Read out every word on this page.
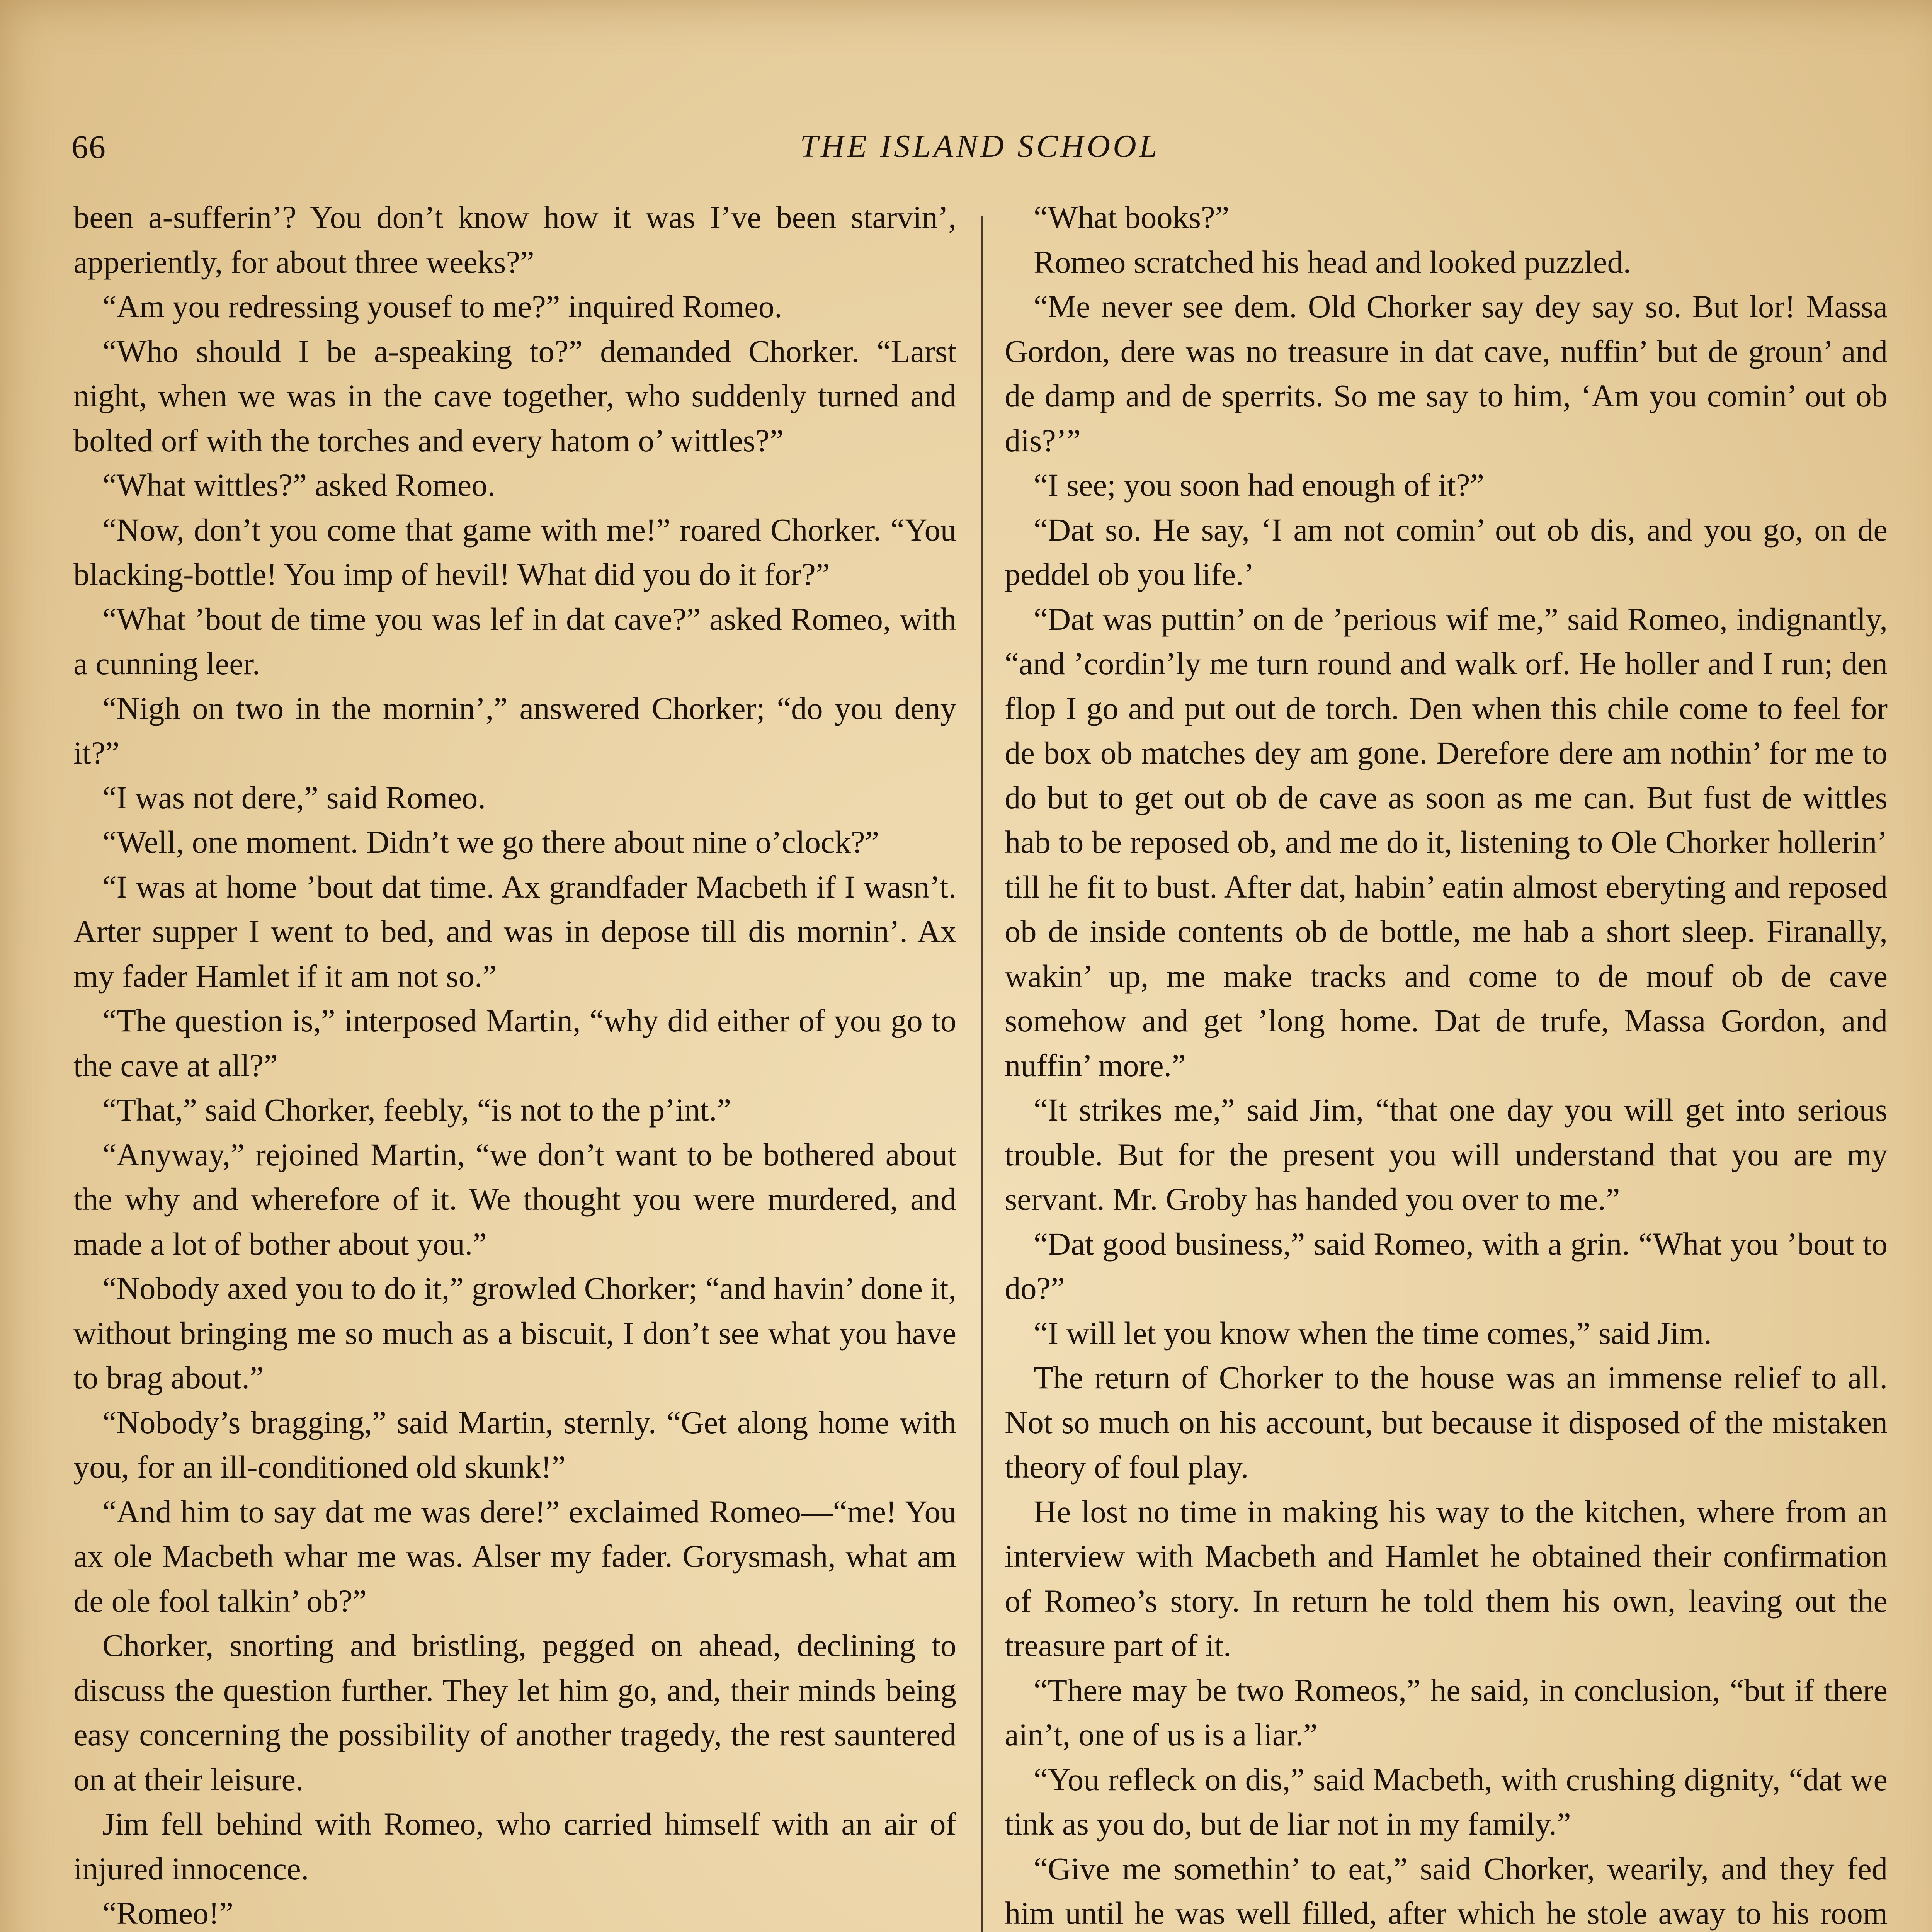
66	THE ISLAND SCHOOL

been a-sufferin’? You don’t know how it was I’ve been starvin’, apperiently, for about three weeks?”

“Am you redressing yousef to me?” inquired Romeo.

“Who should I be a-speaking to?” demanded Chorker. “Larst night, when we was in the cave together, who suddenly turned and bolted orf with the torches and every hatom o’ wittles?”

“What wittles?” asked Romeo.

“Now, don’t you come that game with me!” roared Chorker. “You blacking-bottle! You imp of hevil! What did you do it for?”

“What ’bout de time you was lef in dat cave?” asked Romeo, with a cunning leer.

“Nigh on two in the mornin’,” answered Chorker; “do you deny it?”

“I was not dere,” said Romeo.

“Well, one moment. Didn’t we go there about nine o’clock?”

“I was at home ’bout dat time. Ax grandfader Macbeth if I wasn’t. Arter supper I went to bed, and was in depose till dis mornin’. Ax my fader Hamlet if it am not so.”

“The question is,” interposed Martin, “why did either of you go to the cave at all?”

“That,” said Chorker, feebly, “is not to the p’int.”

“Anyway,” rejoined Martin, “we don’t want to be bothered about the why and wherefore of it. We thought you were murdered, and made a lot of bother about you.”

“Nobody axed you to do it,” growled Chorker; “and havin’ done it, without bringing me so much as a biscuit, I don’t see what you have to brag about.”

“Nobody’s bragging,” said Martin, sternly. “Get along home with you, for an ill-conditioned old skunk!”

“And him to say dat me was dere!” exclaimed Romeo—“me! You ax ole Macbeth whar me was. Alser my fader. Gorysmash, what am de ole fool talkin’ ob?”

Chorker, snorting and bristling, pegged on ahead, declining to discuss the question further. They let him go, and, their minds being easy concerning the possibility of another tragedy, the rest sauntered on at their leisure.

Jim fell behind with Romeo, who carried himself with an air of injured innocence.

“Romeo!”

“What books?”

Romeo scratched his head and looked puzzled.

“Me never see dem. Old Chorker say dey say so. But lor! Massa Gordon, dere was no treasure in dat cave, nuffin’ but de groun’ and de damp and de sperrits. So me say to him, ‘Am you comin’ out ob dis?’”

“I see; you soon had enough of it?”

“Dat so. He say, ‘I am not comin’ out ob dis, and you go, on de peddel ob you life.’

“Dat was puttin’ on de ’perious wif me,” said Romeo, indignantly, “and ’cordin’ly me turn round and walk orf. He holler and I run; den flop I go and put out de torch. Den when this chile come to feel for de box ob matches dey am gone. Derefore dere am nothin’ for me to do but to get out ob de cave as soon as me can. But fust de wittles hab to be reposed ob, and me do it, listening to Ole Chorker hollerin’ till he fit to bust. After dat, habin’ eatin almost eberyting and reposed ob de inside contents ob de bottle, me hab a short sleep. Firanally, wakin’ up, me make tracks and come to de mouf ob de cave somehow and get ’long home. Dat de trufe, Massa Gordon, and nuffin’ more.”

“It strikes me,” said Jim, “that one day you will get into serious trouble. But for the present you will understand that you are my servant. Mr. Groby has handed you over to me.”

“Dat good business,” said Romeo, with a grin. “What you ’bout to do?”

“I will let you know when the time comes,” said Jim.

The return of Chorker to the house was an immense relief to all. Not so much on his account, but because it disposed of the mistaken theory of foul play.

He lost no time in making his way to the kitchen, where from an interview with Macbeth and Hamlet he obtained their confirmation of Romeo’s story. In return he told them his own, leaving out the treasure part of it.

“There may be two Romeos,” he said, in conclusion, “but if there ain’t, one of us is a liar.”

“You refleck on dis,” said Macbeth, with crushing dignity, “dat we tink as you do, but de liar not in my family.”

“Give me somethin’ to eat,” said Chorker, wearily, and they fed him until he was well filled, after which he stole away to his room
